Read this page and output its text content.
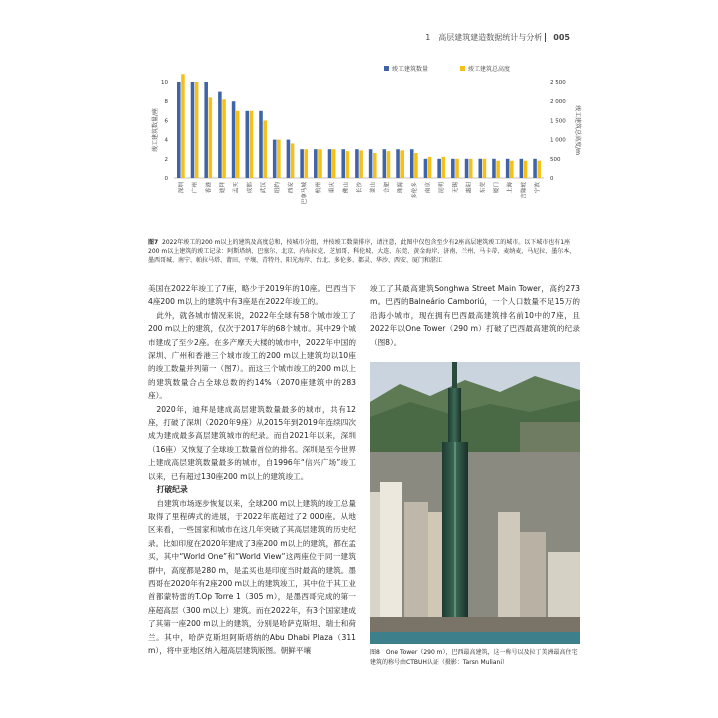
1　高层建筑建造数据统计与分析 005
0
2
4
6
8
10
0
500
1 000
1 500
2 000
2 500
竣工建筑数量/座	竣工建筑总高度/m
深圳	广州	香港	迪拜	孟买	成都	武汉	纽约	西安	巴拿马城	杭州	重庆	佛山	长沙	釜山	合肥	珠海	多伦多	南京	昆明	无锡	惠阳	东莞	厦门	上海	吉隆坡	宁波
竣工建筑数量	竣工建筑总高度
图7 2022年竣工的200 m以上的建筑及高度总和，按城市分组，并按竣工数量排序，请注意，此图中仅包含至少有2座高层建筑竣工的城市。以下城市也有1座200 m以上建筑的竣工记录：阿斯塔纳、巴塞尔、北京、内布拉克、芝加哥、科伦坡、大连、东莞、黄金海岸、济南、兰州、马卡蒂、麦纳麦、马尼拉、墨尔本、墨西哥城、南宁、帕拉马塔、莆田、平壤、青特丹、阳光海岸、台北、多伦多、都灵、华沙、西安、厦门和湛江

美国在2022年竣工了7座，略少于2019年的10座。巴西当下4座200 m以上的建筑中有3座是在2022年竣工的。

此外，就各城市情况来说，2022年全球有58个城市竣工了200 m以上的建筑，仅次于2017年的68个城市。其中29个城市建成了至少2座。在多产摩天大楼的城市中，2022年中国的深圳、广州和香港三个城市竣工的200 m以上建筑均以10座的竣工数量并列第一（图7）。而这三个城市竣工的200 m以上的建筑数量合占全球总数的约14%（2070座建筑中的283座）。

2020年，迪拜是建成高层建筑数量最多的城市，共有12座，打破了深圳（2020年9座）从2015年到2019年连续四次成为建成最多高层建筑城市的纪录。而自2021年以来，深圳（16座）又恢复了全球竣工数量首位的排名。深圳是至今世界上建成高层建筑数量最多的城市，自1996年“信兴广场”竣工以来，已有超过130座200 m以上的建筑竣工。

打破纪录

自建筑市场逐步恢复以来，全球200 m以上建筑的竣工总量取得了里程碑式的进展，于2022年底超过了2 000座。从地区来看，一些国家和城市在这几年突破了其高层建筑的历史纪录。比如印度在2020年建成了3座200 m以上的建筑，都在孟买，其中“World One”和“World View”这两座位于同一建筑群中，高度都是280 m，是孟买也是印度当时最高的建筑。墨西哥在2020年有2座200 m以上的建筑竣工，其中位于其工业首都蒙特雷的T.Op Torre 1（305 m），是墨西哥完成的第一座超高层（300 m以上）建筑。而在2022年，有3个国家建成了其第一座200 m以上的建筑，分别是哈萨克斯坦、瑞士和荷兰。其中，哈萨克斯坦阿斯塔纳的Abu Dhabi Plaza（311 m），将中亚地区纳入超高层建筑版图。朝鲜平壤

竣工了其最高建筑Songhwa Street Main Tower，高约273 m。巴西的Balneário Camboriú，一个人口数量不足15万的沿海小城市，现在拥有巴西最高建筑排名前10中的7座，且2022年以One Tower（290 m）打破了巴西最高建筑的纪录（图8）。

图8　One Tower（290 m），巴西最高建筑，这一称号以及拉丁美洲最高住宅建筑的称号由CTBUH认证（摄影：Tarsn Muliani）
